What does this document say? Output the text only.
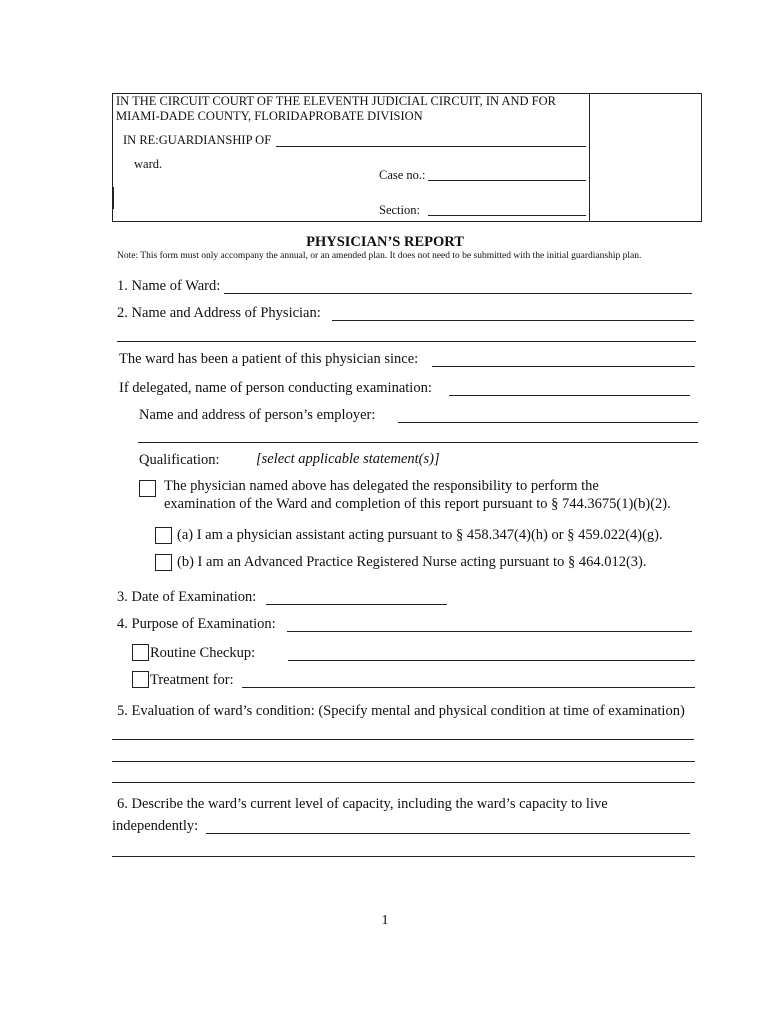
IN THE CIRCUIT COURT OF THE ELEVENTH JUDICIAL CIRCUIT, IN AND FOR
MIAMI-DADE COUNTY, FLORIDAPROBATE DIVISION
IN RE:GUARDIANSHIP OF
ward.
Case no.:
Section:
PHYSICIAN’S REPORT
Note: This form must only accompany the annual, or an amended plan. It does not need to be submitted with the initial guardianship plan.
1. Name of Ward:
2. Name and Address of Physician:
The ward has been a patient of this physician since:
If delegated, name of person conducting examination:
Name and address of person’s employer:
Qualification:	[select applicable statement(s)]
The physician named above has delegated the responsibility to perform the
examination of the Ward and completion of this report pursuant to § 744.3675(1)(b)(2).
(a) I am a physician assistant acting pursuant to § 458.347(4)(h) or § 459.022(4)(g).
(b) I am an Advanced Practice Registered Nurse acting pursuant to § 464.012(3).
3. Date of Examination:
4. Purpose of Examination:
Routine Checkup:
Treatment for:
5. Evaluation of ward’s condition: (Specify mental and physical condition at time of examination)
6. Describe the ward’s current level of capacity, including the ward’s capacity to live
independently:
1
